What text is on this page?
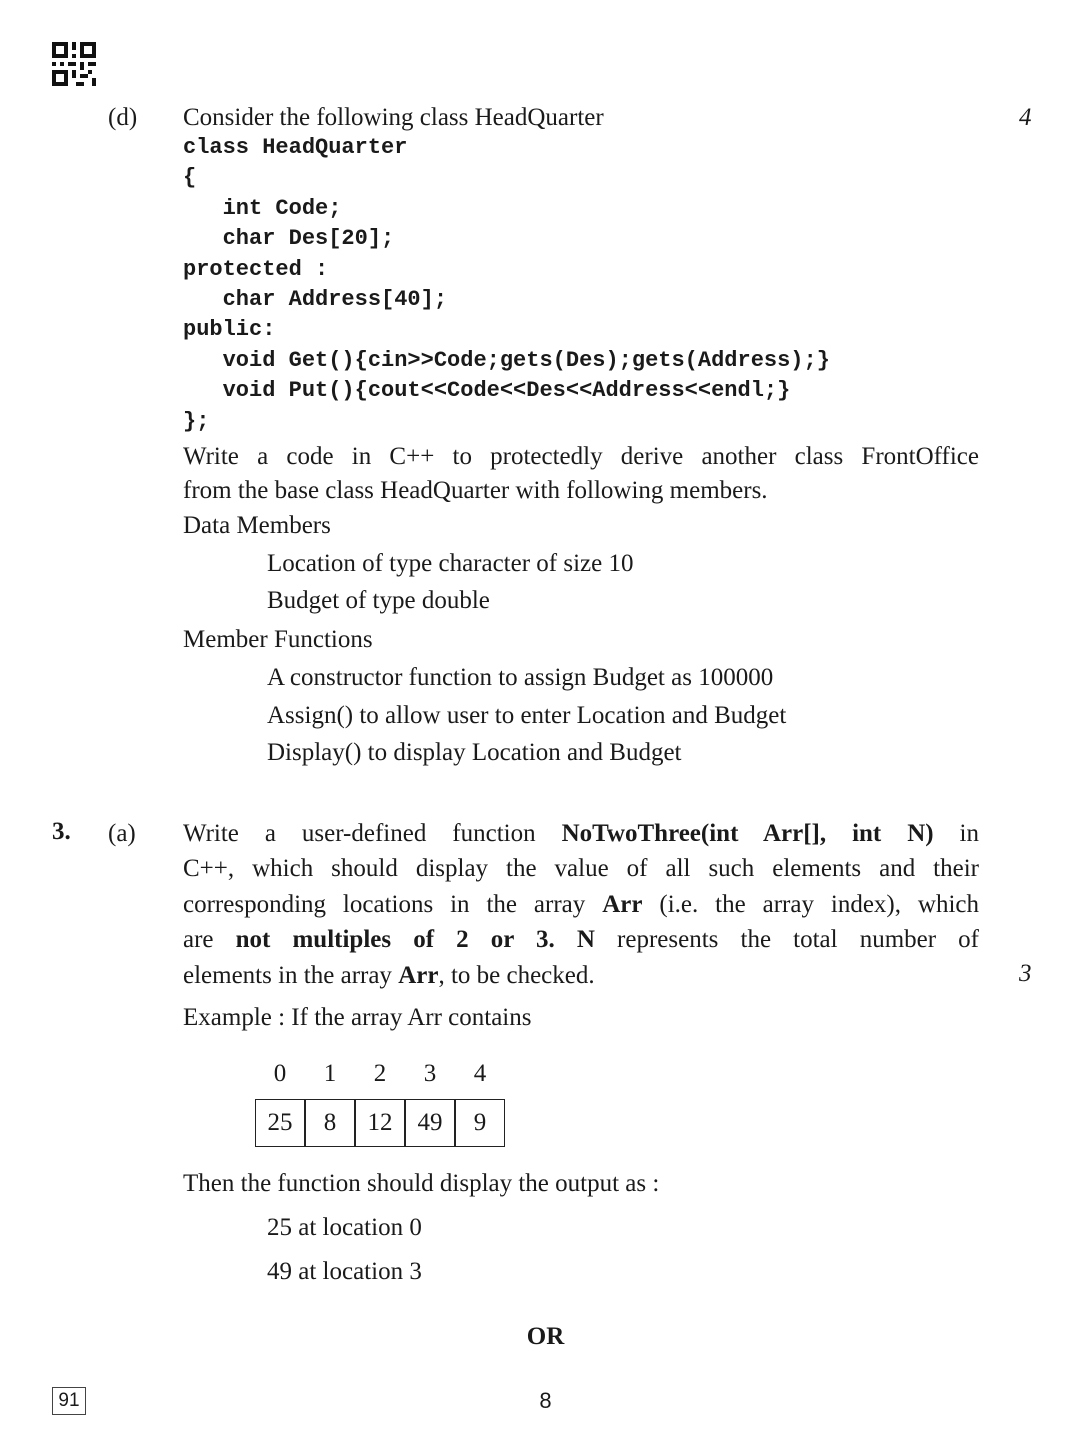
(d)	4
Consider the following class HeadQuarter
class HeadQuarter
{
int Code;
char Des[20];
protected :
char Address[40];
public:
void Get(){cin>>Code;gets(Des);gets(Address);}
void Put(){cout<<Code<<Des<<Address<<endl;}
};
Write a code in C++ to protectedly derive another class FrontOffice
from the base class HeadQuarter with following members.
Data Members
Location of type character of size 10
Budget of type double
Member Functions
A constructor function to assign Budget as 100000
Assign() to allow user to enter Location and Budget
Display() to display Location and Budget
3. (a)
3
Write a user-defined function NoTwoThree(int Arr[], int N) in
C++, which should display the value of all such elements and their
corresponding locations in the array Arr (i.e. the array index), which
are not multiples of 2 or 3. N represents the total number of
elements in the array Arr, to be checked.
Example : If the array Arr contains
0	1	2	3	4
25	8	12	49	9
Then the function should display the output as :
25 at location 0
49 at location 3
OR
91	8
